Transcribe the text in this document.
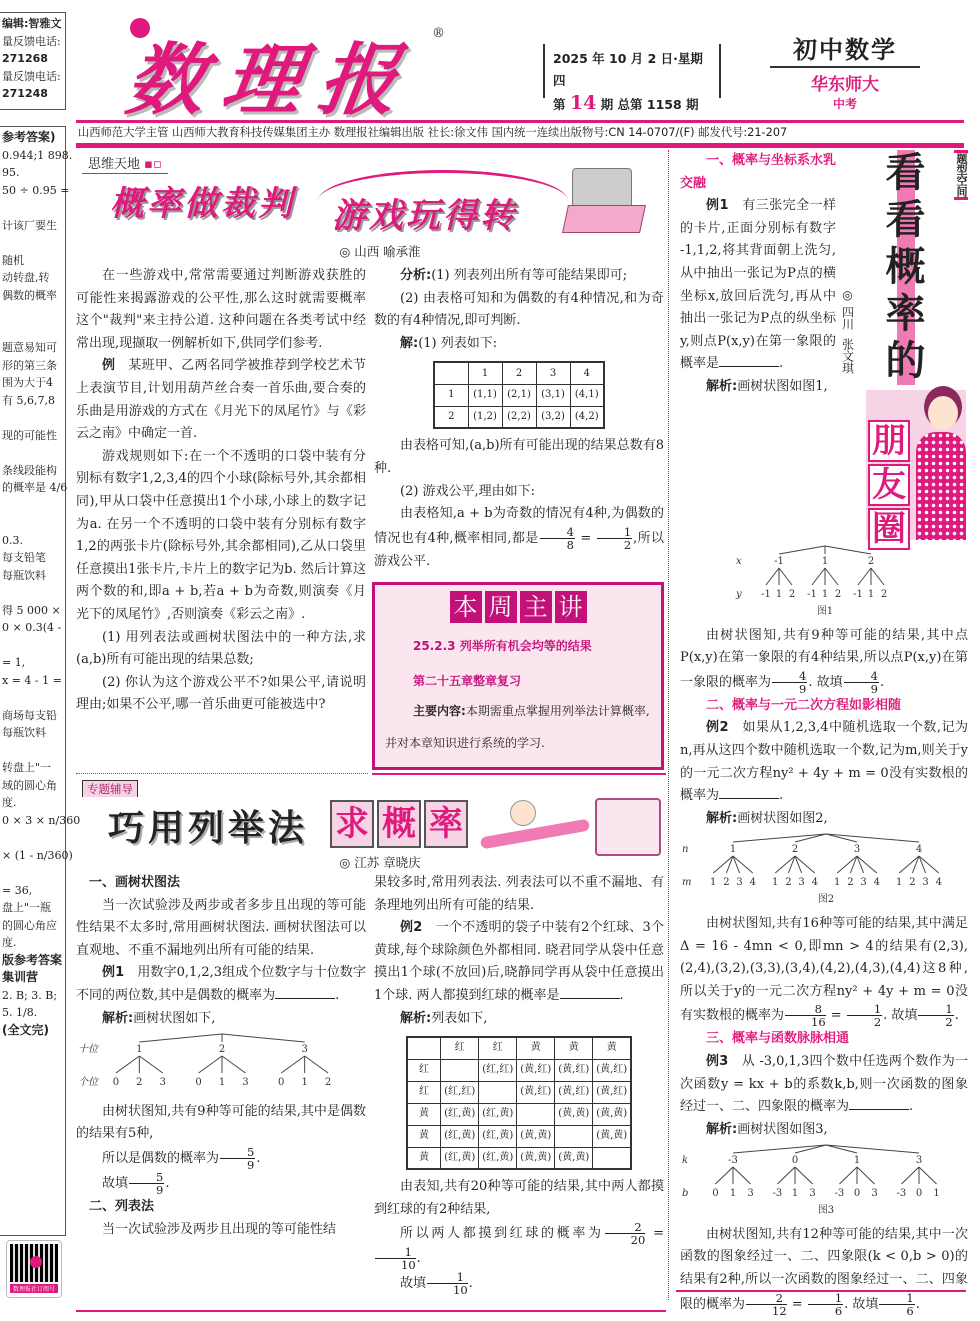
编辑:智雅文
量反馈电话:
271268
量反馈电话:
271248
参考答案)
0.944;1 898.
95.
50 ÷ 0.95 =

计该厂要生

随机
动转盘,转
偶数的概率

题意易知可
形的第三条
围为大于4
有 5,6,7,8

现的可能性

条线段能构
的概率是 4/6

0.3.
每支铅笔
每瓶饮料

得 5 000 ×
0 × 0.3(4 -

= 1,
x = 4 - 1 =

商场每支铅
每瓶饮料

转盘上"一
域的圆心角
度.
0 × 3 × n/360

× (1 - n/360)

= 36,
盘上"一瓶
的圆心角应
度.
版参考答案
集训营
2. B; 3. B;
5. 1/8.
(全文完)
数理报社订阅号
数理报
®
2025 年 10 月 2 日·星期四
第 14 期 总第 1158 期
初中数学
华东师大
中考
山西师范大学主管 山西师大教育科技传媒集团主办 数理报社编辑出版 社长:徐文伟 国内统一连续出版物号:CN 14-0707/(F) 邮发代号:21-207
思维天地 ▪▫
概率做裁判 游戏玩得转
◎ 山西 喻承淮

在一些游戏中,常常需要通过判断游戏获胜的可能性来揭露游戏的公平性,那么这时就需要概率这个"裁判"来主持公道. 这种问题在各类考试中经常出现,现撷取一例解析如下,供同学们参考.

例　某班甲、乙两名同学被推荐到学校艺术节上表演节目,计划用葫芦丝合奏一首乐曲,要合奏的乐曲是用游戏的方式在《月光下的凤尾竹》与《彩云之南》中确定一首.

游戏规则如下:在一个不透明的口袋中装有分别标有数字1,2,3,4的四个小球(除标号外,其余都相同),甲从口袋中任意摸出1个小球,小球上的数字记为a. 在另一个不透明的口袋中装有分别标有数字1,2的两张卡片(除标号外,其余都相同),乙从口袋里任意摸出1张卡片,卡片上的数字记为b. 然后计算这两个数的和,即a + b,若a + b为奇数,则演奏《月光下的凤尾竹》,否则演奏《彩云之南》.

(1) 用列表法或画树状图法中的一种方法,求(a,b)所有可能出现的结果总数;

(2) 你认为这个游戏公平不?如果公平,请说明理由;如果不公平,哪一首乐曲更可能被选中?

分析:(1) 列表列出所有等可能结果即可;

(2) 由表格可知和为偶数的有4种情况,和为奇数的有4种情况,即可判断.

解:(1) 列表如下:

	1	2	3	4
1	(1,1)	(2,1)	(3,1)	(4,1)
2	(1,2)	(2,2)	(3,2)	(4,2)

由表格可知,(a,b)所有可能出现的结果总数有8种.

(2) 游戏公平,理由如下:

由表格知,a + b为奇数的情况有4种,为偶数的情况也有4种,概率相同,都是 $\frac{4}{8} = \frac{1}{2}$ ,所以游戏公平.

本 周 主 讲
25.2.3 列举所有机会均等的结果
第二十五章整章复习
主要内容:本期需重点掌握用列举法计算概率,并对本章知识进行系统的学习.
专题辅导
巧用列举法 求 概 率
◎ 江苏 章晓庆

一、画树状图法

当一次试验涉及两步或者多步且出现的等可能性结果不太多时,常用画树状图法. 画树状图法可以直观地、不重不漏地列出所有可能的结果.

例1　用数字0,1,2,3组成个位数字与十位数字不同的两位数,其中是偶数的概率为	.

解析:画树状图如下,

十位
个位
1
0 2 3
2
0 1 3
3
0 1 2

由树状图知,共有9种等可能的结果,其中是偶数的结果有5种,

所以是偶数的概率为 $\frac{5}{9}$ .

故填 $\frac{5}{9}$ .

二、列表法

当一次试验涉及两步且出现的等可能性结

果较多时,常用列表法. 列表法可以不重不漏地、有条理地列出所有可能的结果.

例2　一个不透明的袋子中装有2个红球、3个黄球,每个球除颜色外都相同. 晓君同学从袋中任意摸出1个球(不放回)后,晓静同学再从袋中任意摸出1个球. 两人都摸到红球的概率是	.

解析:列表如下,

	红	红	黄	黄	黄
红		(红,红)	(黄,红)	(黄,红)	(黄,红)
红	(红,红)		(黄,红)	(黄,红)	(黄,红)
黄	(红,黄)	(红,黄)		(黄,黄)	(黄,黄)
黄	(红,黄)	(红,黄)	(黄,黄)		(黄,黄)
黄	(红,黄)	(红,黄)	(黄,黄)	(黄,黄)	

由表知,共有20种等可能的结果,其中两人都摸到红球的有2种结果,

所以两人都摸到红球的概率为 $\frac{2}{20}$ =
$\frac{1}{10}$ .

故填 $\frac{1}{10}$ .

◎ 四川
张文琪
看
看
概
率
的
题型空间
朋
友
圈

一、概率与坐标系水乳交融

例1　有三张完全一样的卡片,正面分别标有数字 -1,1,2,将其背面朝上洗匀,从中抽出一张记为P点的横坐标x,放回后洗匀,再从中抽出一张记为P点的纵坐标y,则点P(x,y)在第一象限的概率是	.

解析:画树状图如图1,

x
y
-1
-1 1 2
1
-1 1 2
2
-1 1 2
图1

由树状图知,共有9种等可能的结果,其中点P(x,y)在第一象限的有4种结果,所以点P(x,y)在第一象限的概率为 $\frac{4}{9}$ . 故填 $\frac{4}{9}$ .

二、概率与一元二次方程如影相随

例2　如果从1,2,3,4中随机选取一个数,记为n,再从这四个数中随机选取一个数,记为m,则关于y的一元二次方程ny² + 4y + m = 0没有实数根的概率为	.

解析:画树状图如图2,

n
m
1
1 2 3 4
2
1 2 3 4
3
1 2 3 4
4
1 2 3 4
图2

由树状图知,共有16种等可能的结果,其中满足Δ = 16 - 4mn < 0,即mn > 4的结果有(2,3),(2,4),(3,2),(3,3),(3,4),(4,2),(4,3),(4,4)这8种,所以关于y的一元二次方程ny² + 4y + m = 0没有实数根的概率为 $\frac{8}{16} = \frac{1}{2}$ . 故填 $\frac{1}{2}$ .

三、概率与函数脉脉相通

例3　从 -3,0,1,3四个数中任选两个数作为一次函数y = kx + b的系数k,b,则一次函数的图象经过一、二、四象限的概率为	.

解析:画树状图如图3,

k
b
-3
0 1 3
0
-3 1 3
1
-3 0 3
3
-3 0 1
图3

由树状图知,共有12种等可能的结果,其中一次函数的图象经过一、二、四象限(k < 0,b > 0)的结果有2种,所以一次函数的图象经过一、二、四象限的概率为 $\frac{2}{12} = \frac{1}{6}$ . 故填 $\frac{1}{6}$ .
